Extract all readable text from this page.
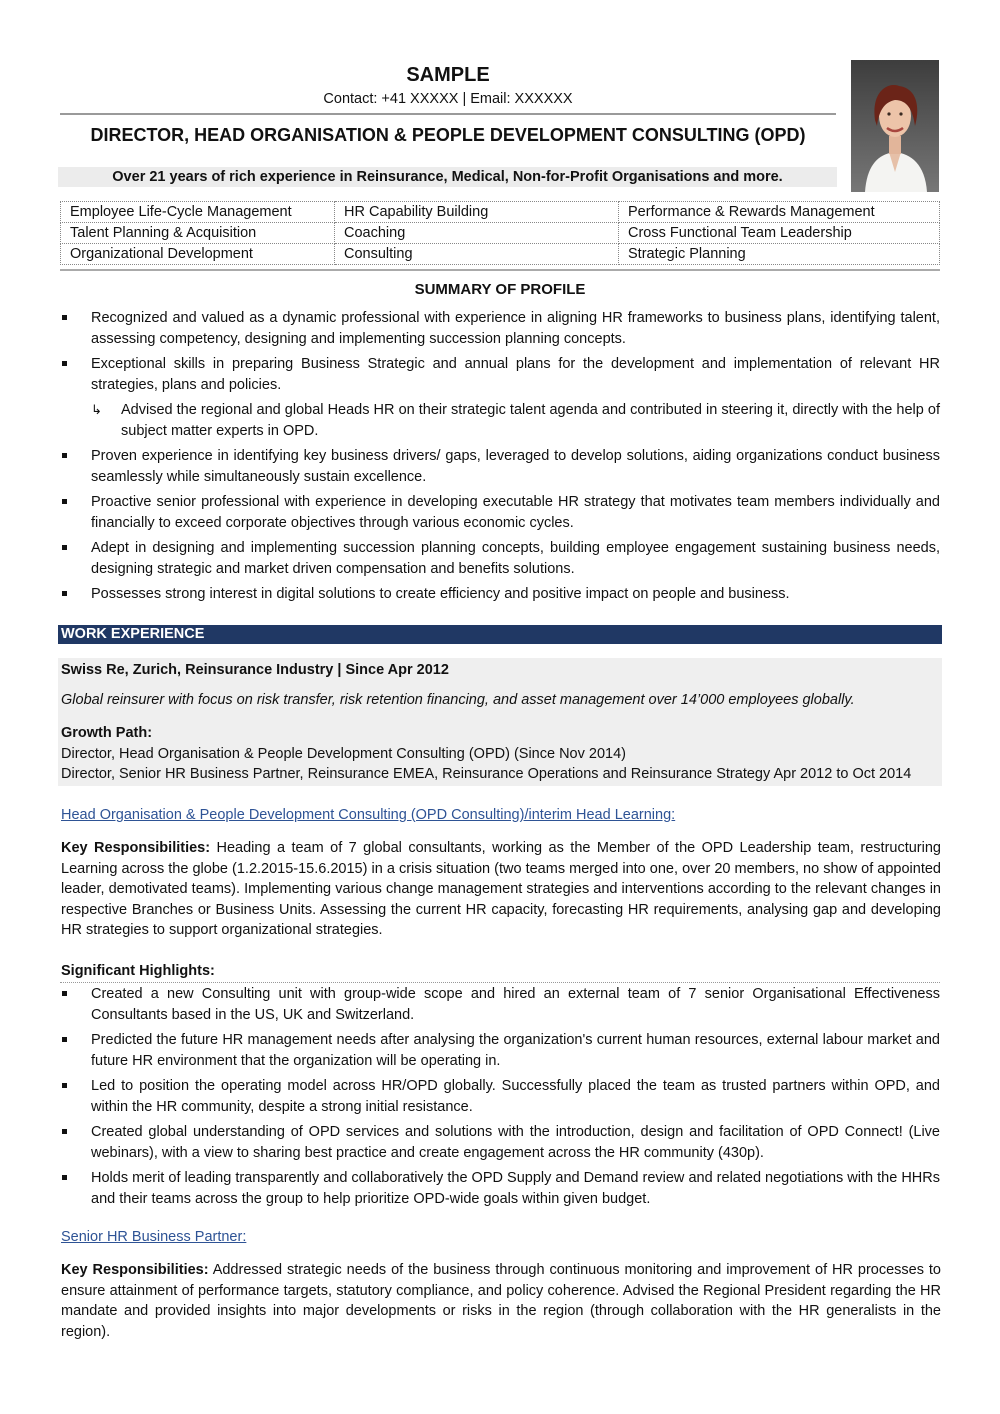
SAMPLE
Contact: +41 XXXXX | Email: XXXXXX
DIRECTOR, HEAD ORGANISATION & PEOPLE DEVELOPMENT CONSULTING (OPD)
Over 21 years of rich experience in Reinsurance, Medical, Non-for-Profit Organisations and more.
Employee Life-Cycle Management	HR Capability Building	Performance & Rewards Management
Talent Planning & Acquisition	Coaching	Cross Functional Team Leadership
Organizational Development	Consulting	Strategic Planning
SUMMARY OF PROFILE
Recognized and valued as a dynamic professional with experience in aligning HR frameworks to business plans, identifying talent, assessing competency, designing and implementing succession planning concepts.
Exceptional skills in preparing Business Strategic and annual plans for the development and implementation of relevant HR strategies, plans and policies.
↳ Advised the regional and global Heads HR on their strategic talent agenda and contributed in steering it, directly with the help of subject matter experts in OPD.
Proven experience in identifying key business drivers/ gaps, leveraged to develop solutions, aiding organizations conduct business seamlessly while simultaneously sustain excellence.
Proactive senior professional with experience in developing executable HR strategy that motivates team members individually and financially to exceed corporate objectives through various economic cycles.
Adept in designing and implementing succession planning concepts, building employee engagement sustaining business needs, designing strategic and market driven compensation and benefits solutions.
Possesses strong interest in digital solutions to create efficiency and positive impact on people and business.
WORK EXPERIENCE
Swiss Re, Zurich, Reinsurance Industry | Since Apr 2012
Global reinsurer with focus on risk transfer, risk retention financing, and asset management over 14’000 employees globally.
Growth Path:
Director, Head Organisation & People Development Consulting (OPD) (Since Nov 2014)
Director, Senior HR Business Partner, Reinsurance EMEA, Reinsurance Operations and Reinsurance Strategy Apr 2012 to Oct 2014
Head Organisation & People Development Consulting (OPD Consulting)/interim Head Learning:
Key Responsibilities: Heading a team of 7 global consultants, working as the Member of the OPD Leadership team, restructuring Learning across the globe (1.2.2015-15.6.2015) in a crisis situation (two teams merged into one, over 20 members, no show of appointed leader, demotivated teams). Implementing various change management strategies and interventions according to the relevant changes in respective Branches or Business Units. Assessing the current HR capacity, forecasting HR requirements, analysing gap and developing HR strategies to support organizational strategies.
Significant Highlights:
Created a new Consulting unit with group-wide scope and hired an external team of 7 senior Organisational Effectiveness Consultants based in the US, UK and Switzerland.
Predicted the future HR management needs after analysing the organization's current human resources, external labour market and future HR environment that the organization will be operating in.
Led to position the operating model across HR/OPD globally. Successfully placed the team as trusted partners within OPD, and within the HR community, despite a strong initial resistance.
Created global understanding of OPD services and solutions with the introduction, design and facilitation of OPD Connect! (Live webinars), with a view to sharing best practice and create engagement across the HR community (430p).
Holds merit of leading transparently and collaboratively the OPD Supply and Demand review and related negotiations with the HHRs and their teams across the group to help prioritize OPD-wide goals within given budget.
Senior HR Business Partner:
Key Responsibilities: Addressed strategic needs of the business through continuous monitoring and improvement of HR processes to ensure attainment of performance targets, statutory compliance, and policy coherence. Advised the Regional President regarding the HR mandate and provided insights into major developments or risks in the region (through collaboration with the HR generalists in the region).
